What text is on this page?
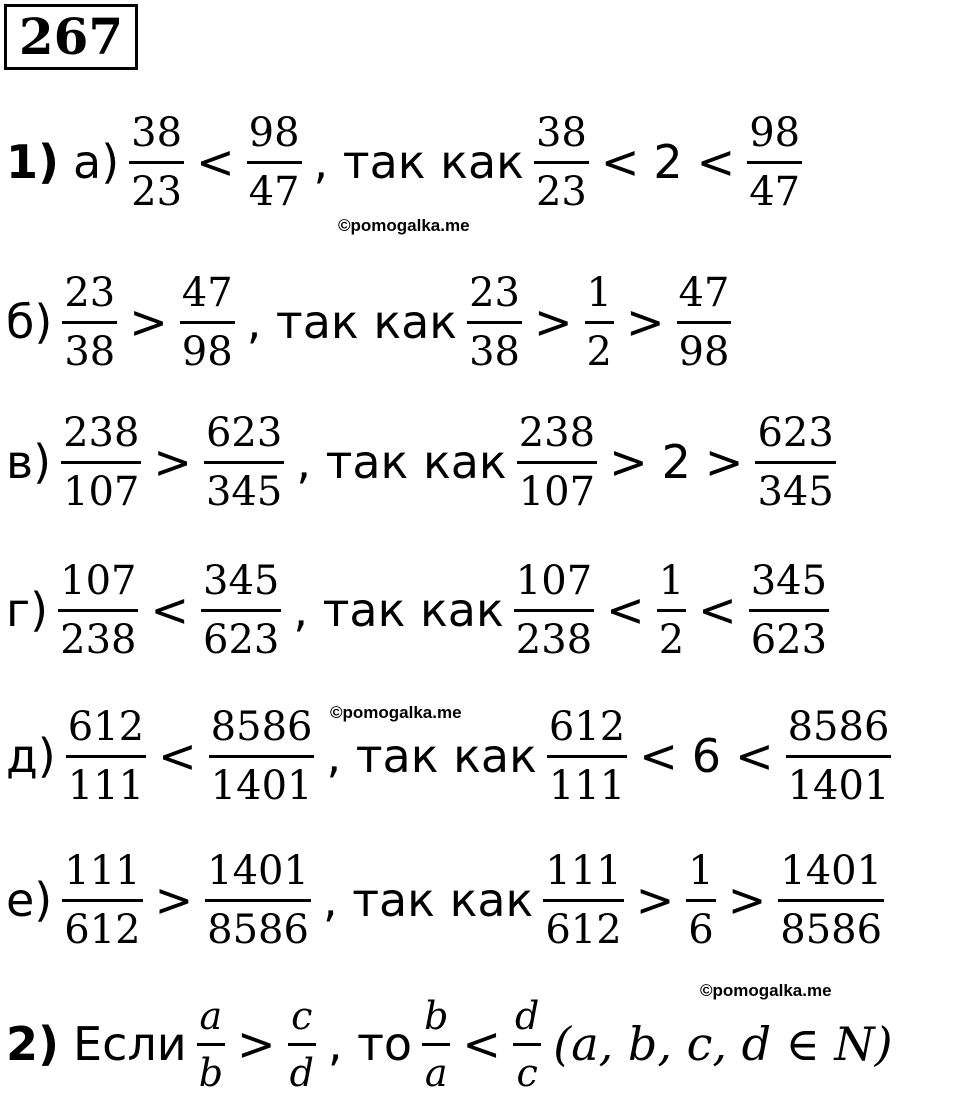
267
1) $а) \frac{38}{23} < \frac{98}{47}$ , так как $\frac{38}{23} < 2 < \frac{98}{47}$
$б) \frac{23}{38} > \frac{47}{98}$ , так как $\frac{23}{38} > \frac{1}{2} > \frac{47}{98}$
$в) \frac{238}{107} > \frac{623}{345}$ , так как $\frac{238}{107} > 2 > \frac{623}{345}$
$г) \frac{107}{238} < \frac{345}{623}$ , так как $\frac{107}{238} < \frac{1}{2} < \frac{345}{623}$
$д) \frac{612}{111} < \frac{8586}{1401}$ , так как $\frac{612}{111} < 6 < \frac{8586}{1401}$
$е) \frac{111}{612} > \frac{1401}{8586}$ , так как $\frac{111}{612} > \frac{1}{6} > \frac{1401}{8586}$
2) Если $\frac{a}{b} > \frac{c}{d}$ , то $\frac{b}{a} < \frac{d}{c} (a$, b, c, d ∈ N)
©pomogalka.me
©pomogalka.me
©pomogalka.me
